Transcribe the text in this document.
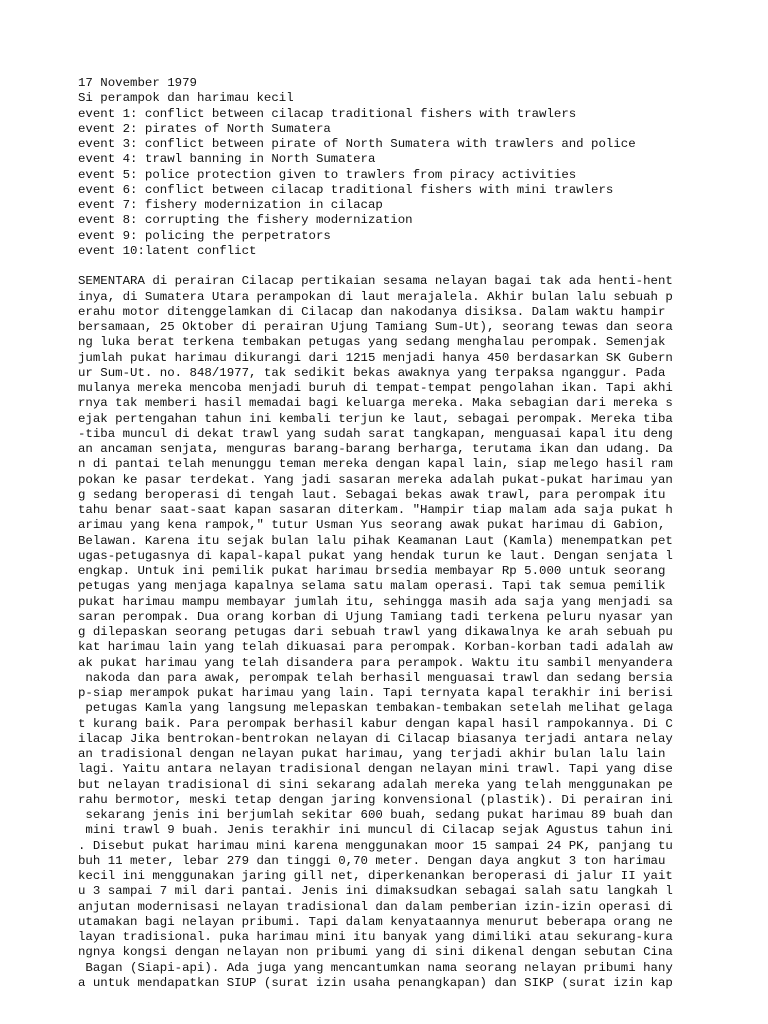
17 November 1979
Si perampok dan harimau kecil
event 1: conflict between cilacap traditional fishers with trawlers
event 2: pirates of North Sumatera
event 3: conflict between pirate of North Sumatera with trawlers and police
event 4: trawl banning in North Sumatera
event 5: police protection given to trawlers from piracy activities
event 6: conflict between cilacap traditional fishers with mini trawlers
event 7: fishery modernization in cilacap
event 8: corrupting the fishery modernization
event 9: policing the perpetrators
event 10:latent conflict
SEMENTARA di perairan Cilacap pertikaian sesama nelayan bagai tak ada henti-hent
inya, di Sumatera Utara perampokan di laut merajalela. Akhir bulan lalu sebuah p
erahu motor ditenggelamkan di Cilacap dan nakodanya disiksa. Dalam waktu hampir
bersamaan, 25 Oktober di perairan Ujung Tamiang Sum-Ut), seorang tewas dan seora
ng luka berat terkena tembakan petugas yang sedang menghalau perompak. Semenjak
jumlah pukat harimau dikurangi dari 1215 menjadi hanya 450 berdasarkan SK Gubern
ur Sum-Ut. no. 848/1977, tak sedikit bekas awaknya yang terpaksa nganggur. Pada
mulanya mereka mencoba menjadi buruh di tempat-tempat pengolahan ikan. Tapi akhi
rnya tak memberi hasil memadai bagi keluarga mereka. Maka sebagian dari mereka s
ejak pertengahan tahun ini kembali terjun ke laut, sebagai perompak. Mereka tiba
-tiba muncul di dekat trawl yang sudah sarat tangkapan, menguasai kapal itu deng
an ancaman senjata, menguras barang-barang berharga, terutama ikan dan udang. Da
n di pantai telah menunggu teman mereka dengan kapal lain, siap melego hasil ram
pokan ke pasar terdekat. Yang jadi sasaran mereka adalah pukat-pukat harimau yan
g sedang beroperasi di tengah laut. Sebagai bekas awak trawl, para perompak itu
tahu benar saat-saat kapan sasaran diterkam. "Hampir tiap malam ada saja pukat h
arimau yang kena rampok," tutur Usman Yus seorang awak pukat harimau di Gabion,
Belawan. Karena itu sejak bulan lalu pihak Keamanan Laut (Kamla) menempatkan pet
ugas-petugasnya di kapal-kapal pukat yang hendak turun ke laut. Dengan senjata l
engkap. Untuk ini pemilik pukat harimau brsedia membayar Rp 5.000 untuk seorang
petugas yang menjaga kapalnya selama satu malam operasi. Tapi tak semua pemilik
pukat harimau mampu membayar jumlah itu, sehingga masih ada saja yang menjadi sa
saran perompak. Dua orang korban di Ujung Tamiang tadi terkena peluru nyasar yan
g dilepaskan seorang petugas dari sebuah trawl yang dikawalnya ke arah sebuah pu
kat harimau lain yang telah dikuasai para perompak. Korban-korban tadi adalah aw
ak pukat harimau yang telah disandera para perampok. Waktu itu sambil menyandera
nakoda dan para awak, perompak telah berhasil menguasai trawl dan sedang bersia
p-siap merampok pukat harimau yang lain. Tapi ternyata kapal terakhir ini berisi
petugas Kamla yang langsung melepaskan tembakan-tembakan setelah melihat gelaga
t kurang baik. Para perompak berhasil kabur dengan kapal hasil rampokannya. Di C
ilacap Jika bentrokan-bentrokan nelayan di Cilacap biasanya terjadi antara nelay
an tradisional dengan nelayan pukat harimau, yang terjadi akhir bulan lalu lain
lagi. Yaitu antara nelayan tradisional dengan nelayan mini trawl. Tapi yang dise
but nelayan tradisional di sini sekarang adalah mereka yang telah menggunakan pe
rahu bermotor, meski tetap dengan jaring konvensional (plastik). Di perairan ini
sekarang jenis ini berjumlah sekitar 600 buah, sedang pukat harimau 89 buah dan
mini trawl 9 buah. Jenis terakhir ini muncul di Cilacap sejak Agustus tahun ini
. Disebut pukat harimau mini karena menggunakan moor 15 sampai 24 PK, panjang tu
buh 11 meter, lebar 279 dan tinggi 0,70 meter. Dengan daya angkut 3 ton harimau
kecil ini menggunakan jaring gill net, diperkenankan beroperasi di jalur II yait
u 3 sampai 7 mil dari pantai. Jenis ini dimaksudkan sebagai salah satu langkah l
anjutan modernisasi nelayan tradisional dan dalam pemberian izin-izin operasi di
utamakan bagi nelayan pribumi. Tapi dalam kenyataannya menurut beberapa orang ne
layan tradisional. puka harimau mini itu banyak yang dimiliki atau sekurang-kura
ngnya kongsi dengan nelayan non pribumi yang di sini dikenal dengan sebutan Cina
Bagan (Siapi-api). Ada juga yang mencantumkan nama seorang nelayan pribumi hany
a untuk mendapatkan SIUP (surat izin usaha penangkapan) dan SIKP (surat izin kap
